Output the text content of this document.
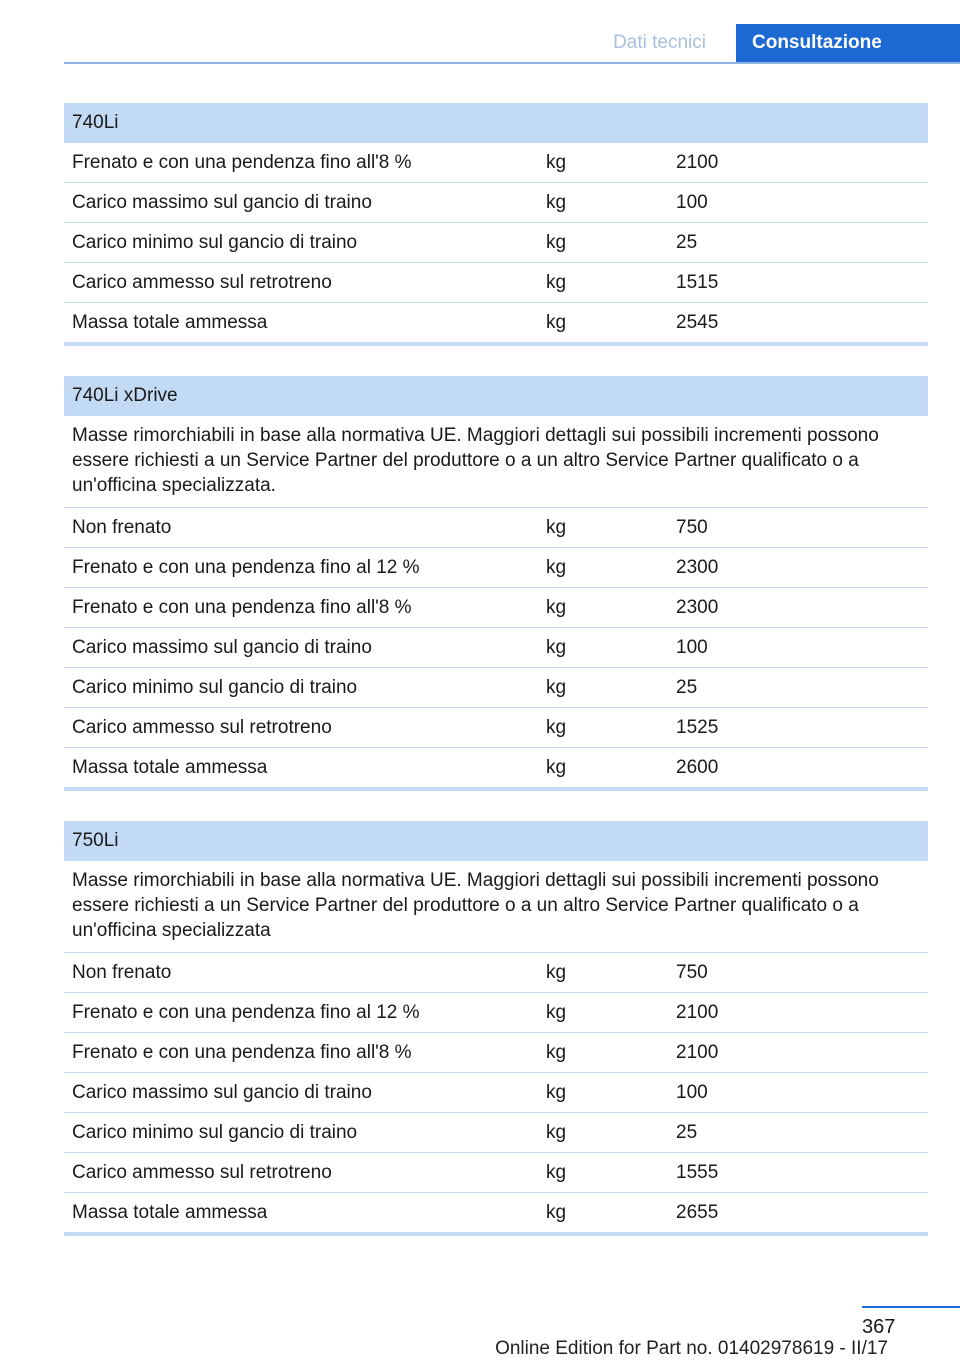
Dati tecnici	Consultazione
740Li
Frenato e con una pendenza fino all'8 %	kg	2100
Carico massimo sul gancio di traino	kg	100
Carico minimo sul gancio di traino	kg	25
Carico ammesso sul retrotreno	kg	1515
Massa totale ammessa	kg	2545
740Li xDrive
Masse rimorchiabili in base alla normativa UE. Maggiori dettagli sui possibili incrementi possono essere richiesti a un Service Partner del produttore o a un altro Service Partner qualificato o a un'officina specializzata.
Non frenato	kg	750
Frenato e con una pendenza fino al 12 %	kg	2300
Frenato e con una pendenza fino all'8 %	kg	2300
Carico massimo sul gancio di traino	kg	100
Carico minimo sul gancio di traino	kg	25
Carico ammesso sul retrotreno	kg	1525
Massa totale ammessa	kg	2600
750Li
Masse rimorchiabili in base alla normativa UE. Maggiori dettagli sui possibili incrementi possono essere richiesti a un Service Partner del produttore o a un altro Service Partner qualificato o a un'officina specializzata
Non frenato	kg	750
Frenato e con una pendenza fino al 12 %	kg	2100
Frenato e con una pendenza fino all'8 %	kg	2100
Carico massimo sul gancio di traino	kg	100
Carico minimo sul gancio di traino	kg	25
Carico ammesso sul retrotreno	kg	1555
Massa totale ammessa	kg	2655
367
Online Edition for Part no. 01402978619 - II/17
